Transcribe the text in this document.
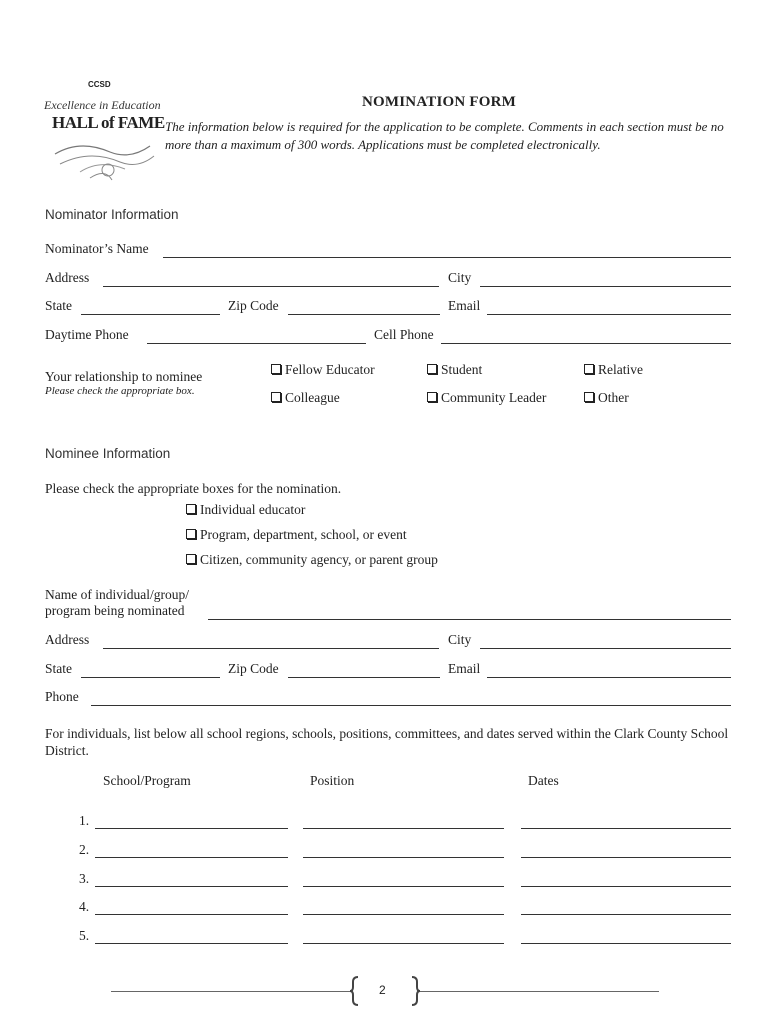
CCSD
Excellence in Education
HALL of FAME
NOMINATION FORM
The information below is required for the application to be complete. Comments in each section must be no more than a maximum of 300 words. Applications must be completed electronically.
Nominator Information
Nominator’s Name
Address	City
State	Zip Code	Email
Daytime Phone	Cell Phone
Your relationship to nominee
Please check the appropriate box.
Fellow Educator	Student	Relative
Colleague	Community Leader	Other
Nominee Information
Please check the appropriate boxes for the nomination.
Individual educator
Program, department, school, or event
Citizen, community agency, or parent group
Name of individual/group/
program being nominated
Address	City
State	Zip Code	Email
Phone
For individuals, list below all school regions, schools, positions, committees, and dates served within the Clark County School District.
School/Program	Position	Dates
1.
2.
3.
4.
5.
2
